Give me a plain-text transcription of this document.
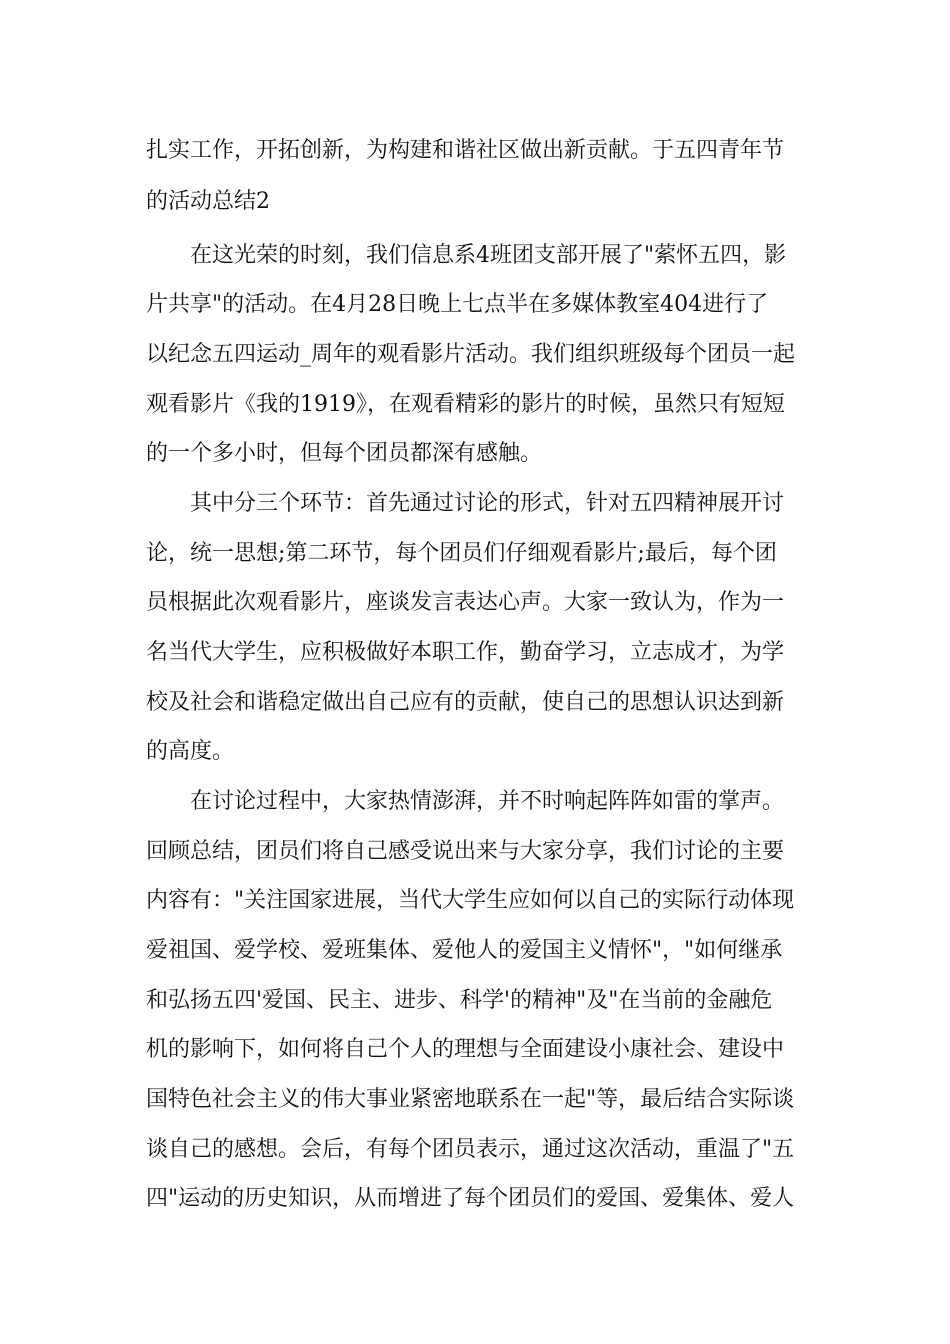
扎实工作，开拓创新，为构建和谐社区做出新贡献。于五四青年节
的活动总结2
在这光荣的时刻，我们信息系4班团支部开展了"萦怀五四，影
片共享"的活动。在4月28日晚上七点半在多媒体教室404进行了
以纪念五四运动_周年的观看影片活动。我们组织班级每个团员一起
观看影片《我的1919》，在观看精彩的影片的时候，虽然只有短短
的一个多小时，但每个团员都深有感触。
其中分三个环节：首先通过讨论的形式，针对五四精神展开讨
论，统一思想;第二环节，每个团员们仔细观看影片;最后，每个团
员根据此次观看影片，座谈发言表达心声。大家一致认为，作为一
名当代大学生，应积极做好本职工作，勤奋学习，立志成才，为学
校及社会和谐稳定做出自己应有的贡献，使自己的思想认识达到新
的高度。
在讨论过程中，大家热情澎湃，并不时响起阵阵如雷的掌声。
回顾总结，团员们将自己感受说出来与大家分享，我们讨论的主要
内容有："关注国家进展，当代大学生应如何以自己的实际行动体现
爱祖国、爱学校、爱班集体、爱他人的爱国主义情怀"，"如何继承
和弘扬五四'爱国、民主、进步、科学'的精神"及"在当前的金融危
机的影响下，如何将自己个人的理想与全面建设小康社会、建设中
国特色社会主义的伟大事业紧密地联系在一起"等，最后结合实际谈
谈自己的感想。会后，有每个团员表示，通过这次活动，重温了"五
四"运动的历史知识，从而增进了每个团员们的爱国、爱集体、爱人
